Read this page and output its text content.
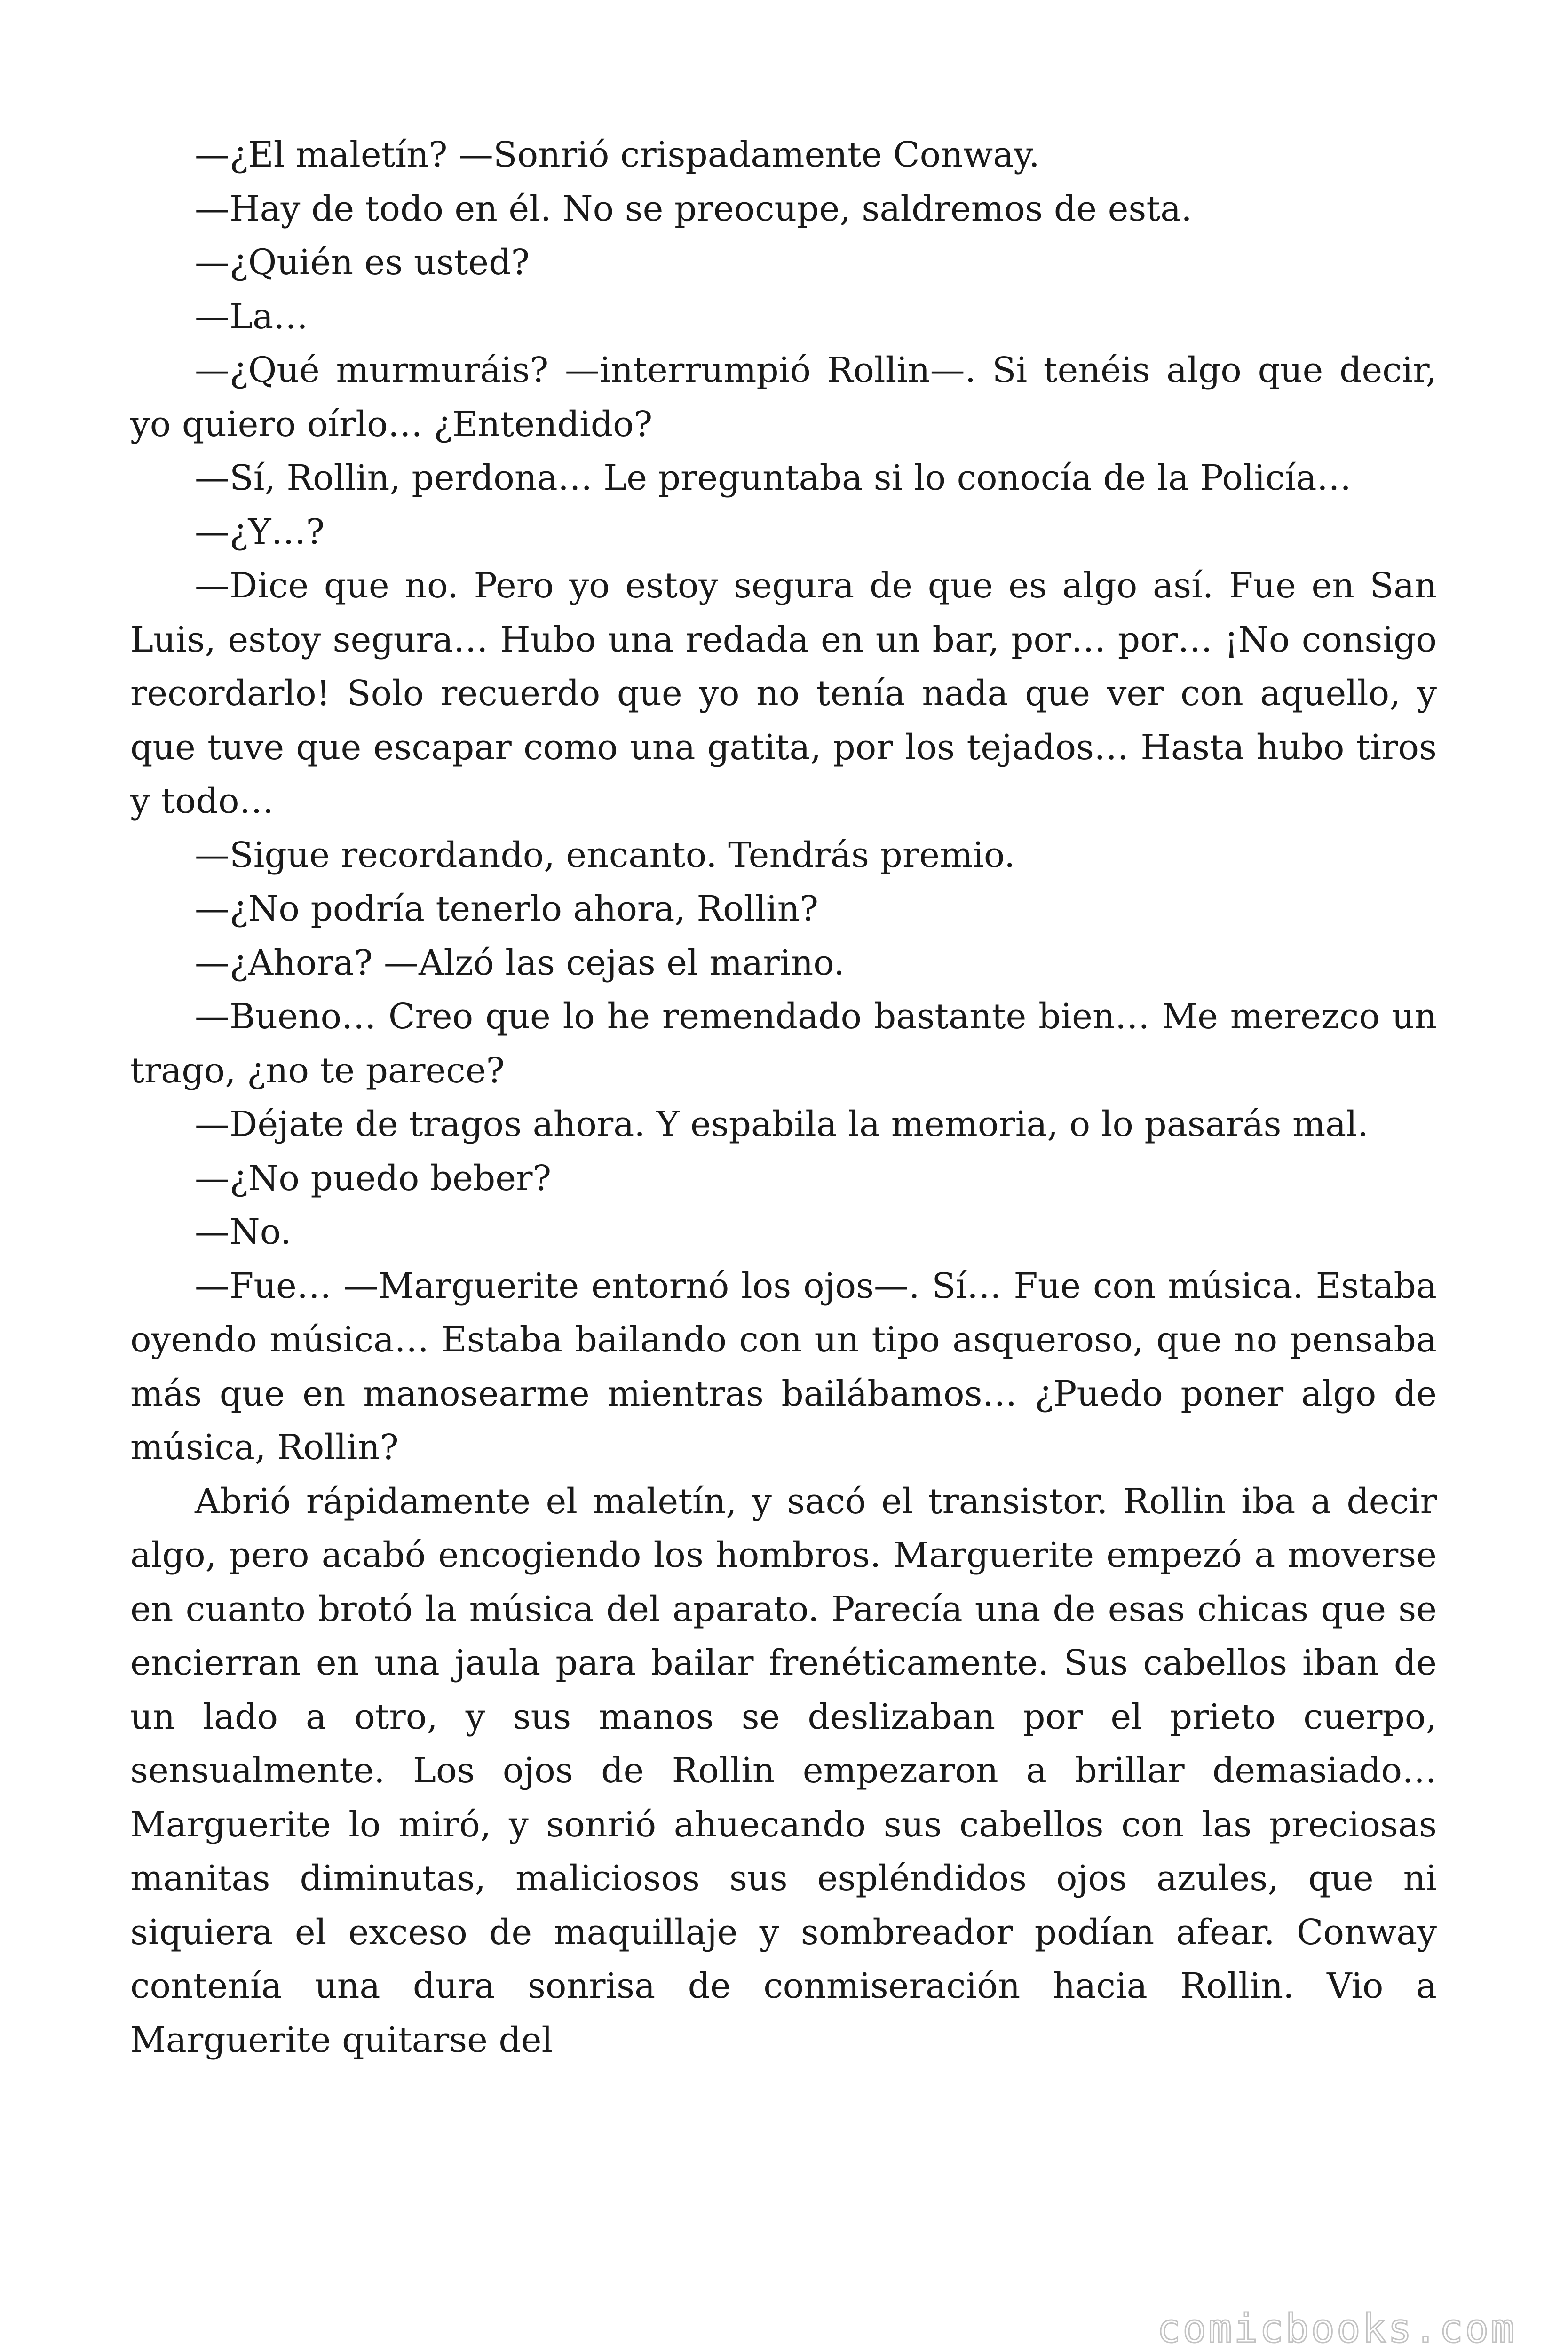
—¿El maletín? —Sonrió crispadamente Conway.

—Hay de todo en él. No se preocupe, saldremos de esta.

—¿Quién es usted?

—La…

—¿Qué murmuráis? —interrumpió Rollin—. Si tenéis algo que decir, yo quiero oírlo… ¿Entendido?

—Sí, Rollin, perdona… Le preguntaba si lo conocía de la Policía…

—¿Y…?

—Dice que no. Pero yo estoy segura de que es algo así. Fue en San Luis, estoy segura… Hubo una redada en un bar, por… por… ¡No consigo recordarlo! Solo recuerdo que yo no tenía nada que ver con aquello, y que tuve que escapar como una gatita, por los tejados… Hasta hubo tiros y todo…

—Sigue recordando, encanto. Tendrás premio.

—¿No podría tenerlo ahora, Rollin?

—¿Ahora? —Alzó las cejas el marino.

—Bueno… Creo que lo he remendado bastante bien… Me merezco un trago, ¿no te parece?

—Déjate de tragos ahora. Y espabila la memoria, o lo pasarás mal.

—¿No puedo beber?

—No.

—Fue… —Marguerite entornó los ojos—. Sí… Fue con música. Estaba oyendo música… Estaba bailando con un tipo asqueroso, que no pensaba más que en manosearme mientras bailábamos… ¿Puedo poner algo de música, Rollin?

Abrió rápidamente el maletín, y sacó el transistor. Rollin iba a decir algo, pero acabó encogiendo los hombros. Marguerite empezó a moverse en cuanto brotó la música del aparato. Parecía una de esas chicas que se encierran en una jaula para bailar frenéticamente. Sus cabellos iban de un lado a otro, y sus manos se deslizaban por el prieto cuerpo, sensualmente. Los ojos de Rollin empezaron a brillar demasiado… Marguerite lo miró, y sonrió ahuecando sus cabellos con las preciosas manitas diminutas, maliciosos sus espléndidos ojos azules, que ni siquiera el exceso de maquillaje y sombreador podían afear. Conway contenía una dura sonrisa de conmiseración hacia Rollin. Vio a Marguerite quitarse del

comicbooks.com
